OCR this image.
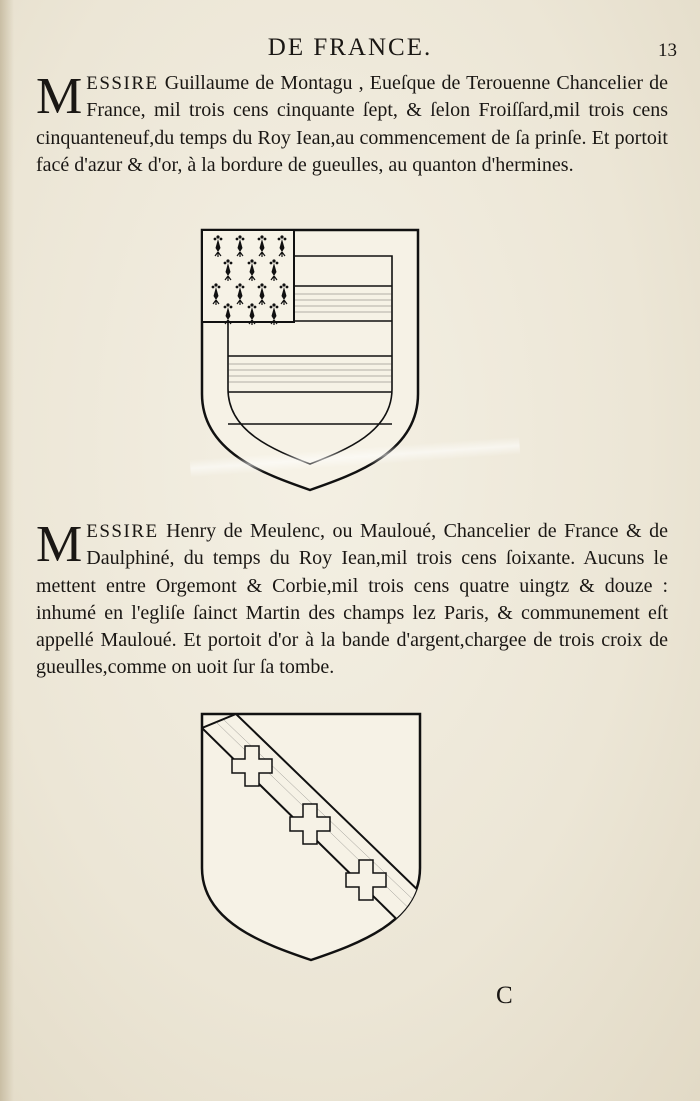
DE FRANCE.	13
MESSIRE Guillaume de Montagu , Eueſque de Terouenne Chancelier de France, mil trois cens cinquante ſept, & ſelon Froiſſard,mil trois cens cinquanteneuf,du temps du Roy Iean,au commencement de ſa prinſe. Et portoit facé d'azur & d'or, à la bordure de gueulles, au quanton d'hermines.
MESSIRE Henry de Meulenc, ou Mauloué, Chancelier de France & de Daulphiné, du temps du Roy Iean,mil trois cens ſoixante. Aucuns le mettent entre Orgemont & Corbie,mil trois cens quatre uingtz & douze : inhumé en l'egliſe ſainct Martin des champs lez Paris, & communement eſt appellé Mauloué. Et portoit d'or à la bande d'argent,chargee de trois croix de gueulles,comme on uoit ſur ſa tombe.
C
